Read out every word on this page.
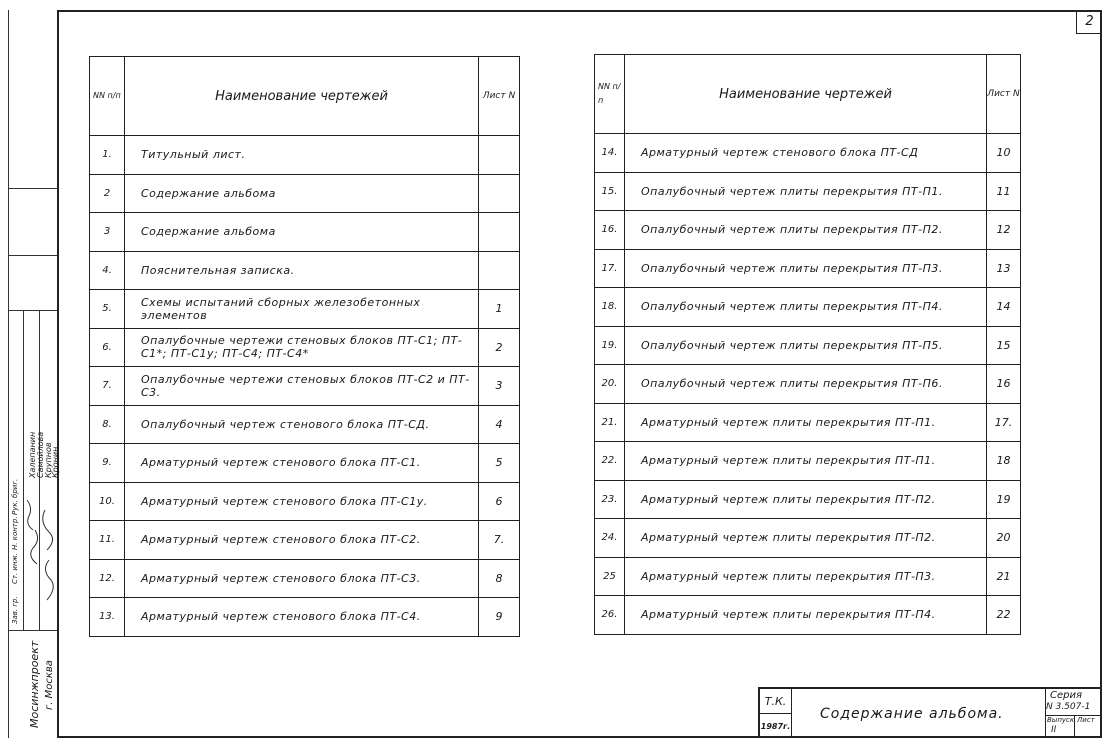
2
Мосинжпроект г. Москва
Зав. гр.
Ст. инж.
Н. контр.
Рук. бриг.
Халепанин Самойлова Крупнов
Кронин
NN п/п	Наименование чертежей	Лист N
1.	Титульный лист.	
2	Содержание альбома	
3	Содержание альбома	
4.	Пояснительная записка.	
5.	Схемы испытаний сборных железобетонных элементов	1
6.	Опалубочные чертежи стеновых блоков ПТ-С1; ПТ-С1*; ПТ-С1у; ПТ-С4; ПТ-С4*	2
7.	Опалубочные чертежи стеновых блоков ПТ-С2 и ПТ-С3.	3
8.	Опалубочный чертеж стенового блока ПТ-СД.	4
9.	Арматурный чертеж стенового блока ПТ-С1.	5
10.	Арматурный чертеж стенового блока ПТ-С1у.	6
11.	Арматурный чертеж стенового блока ПТ-С2.	7.
12.	Арматурный чертеж стенового блока ПТ-С3.	8
13.	Арматурный чертеж стенового блока ПТ-С4.	9
NN п/п	Наименование чертежей	Лист N
14.	Арматурный чертеж стенового блока ПТ-СД	10
15.	Опалубочный чертеж плиты перекрытия ПТ-П1.	11
16.	Опалубочный чертеж плиты перекрытия ПТ-П2.	12
17.	Опалубочный чертеж плиты перекрытия ПТ-П3.	13
18.	Опалубочный чертеж плиты перекрытия ПТ-П4.	14
19.	Опалубочный чертеж плиты перекрытия ПТ-П5.	15
20.	Опалубочный чертеж плиты перекрытия ПТ-П6.	16
21.	Арматурный чертеж плиты перекрытия ПТ-П1.	17.
22.	Арматурный чертеж плиты перекрытия ПТ-П1.	18
23.	Арматурный чертеж плиты перекрытия ПТ-П2.	19
24.	Арматурный чертеж плиты перекрытия ПТ-П2.	20
25	Арматурный чертеж плиты перекрытия ПТ-П3.	21
26.	Арматурный чертеж плиты перекрытия ПТ-П4.	22
Т.К.
1987г.
Содержание альбома.
Серия
N 3.507-1
Выпуск
II
Лист
